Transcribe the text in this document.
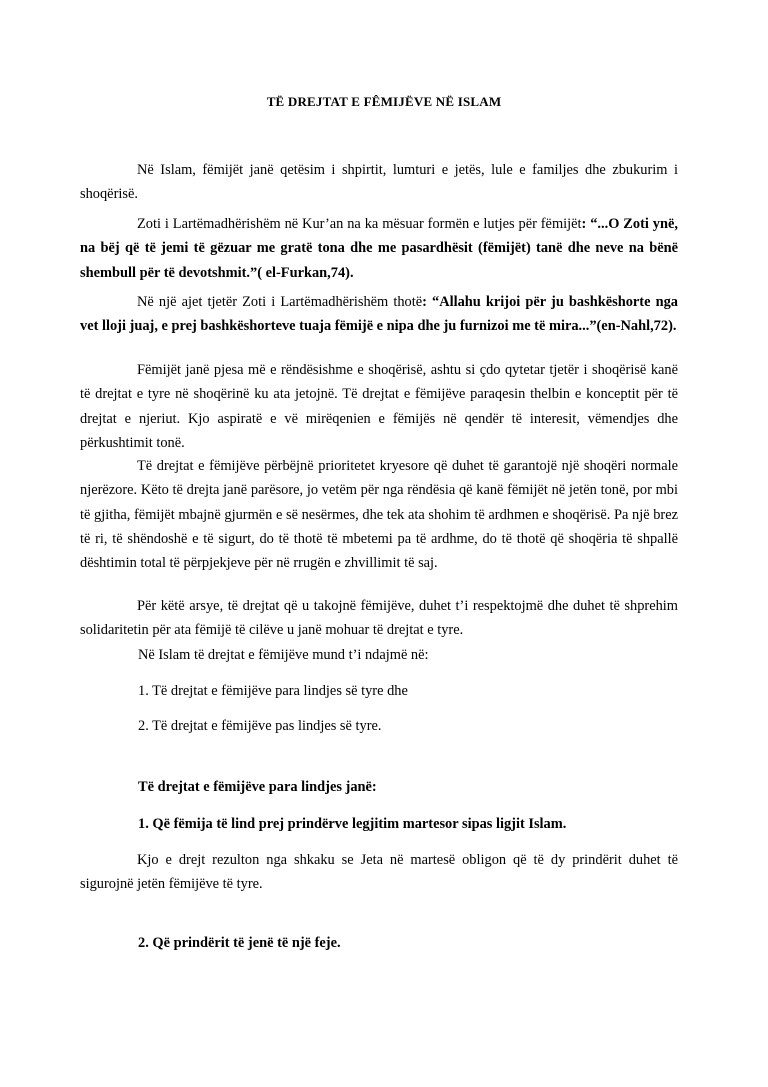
TË DREJTAT E FÊMIJËVE NË ISLAM
Në Islam, fëmijët janë qetësim i shpirtit, lumturi e jetës, lule e familjes dhe zbukurim i shoqërisë.
Zoti i Lartëmadhërishëm në Kur’an na ka mësuar formën e lutjes për fëmijët: “...O Zoti ynë, na bëj që të jemi të gëzuar me gratë tona dhe me pasardhësit (fëmijët) tanë dhe neve na bënë shembull për të devotshmit.”( el-Furkan,74).
Në një ajet tjetër Zoti i Lartëmadhërishëm thotë: “Allahu krijoi për ju bashkëshorte nga vet lloji juaj, e prej bashkëshorteve tuaja fëmijë e nipa dhe ju furnizoi me të mira...”(en-Nahl,72).
Fëmijët janë pjesa më e rëndësishme e shoqërisë, ashtu si çdo qytetar tjetër i shoqërisë kanë të drejtat e tyre në shoqërinë ku ata jetojnë. Të drejtat e fëmijëve paraqesin thelbin e konceptit për të drejtat e njeriut. Kjo aspiratë e vë mirëqenien e fëmijës në qendër të interesit, vëmendjes dhe përkushtimit tonë.
Të drejtat e fëmijëve përbëjnë prioritetet kryesore që duhet të garantojë një shoqëri normale njerëzore. Këto të drejta janë parësore, jo vetëm për nga rëndësia që kanë fëmijët në jetën tonë, por mbi të gjitha, fëmijët mbajnë gjurmën e së nesërmes, dhe tek ata shohim të ardhmen e shoqërisë. Pa një brez të ri, të shëndoshë e të sigurt, do të thotë të mbetemi pa të ardhme, do të thotë që shoqëria të shpallë dështimin total të përpjekjeve për në rrugën e zhvillimit të saj.
Për këtë arsye, të drejtat që u takojnë fëmijëve, duhet t’i respektojmë dhe duhet të shprehim solidaritetin për ata fëmijë të cilëve u janë mohuar të drejtat e tyre.
Në Islam të drejtat e fëmijëve mund t’i ndajmë në:
1. Të drejtat e fëmijëve para lindjes së tyre dhe
2. Të drejtat e fëmijëve pas lindjes së tyre.
Të drejtat e fëmijëve para lindjes janë:
1. Që fëmija të lind prej prindërve legjitim martesor sipas ligjit Islam.
Kjo e drejt rezulton nga shkaku se Jeta në martesë obligon që të dy prindërit duhet të sigurojnë jetën fëmijëve të tyre.
2. Që prindërit të jenë të një feje.
